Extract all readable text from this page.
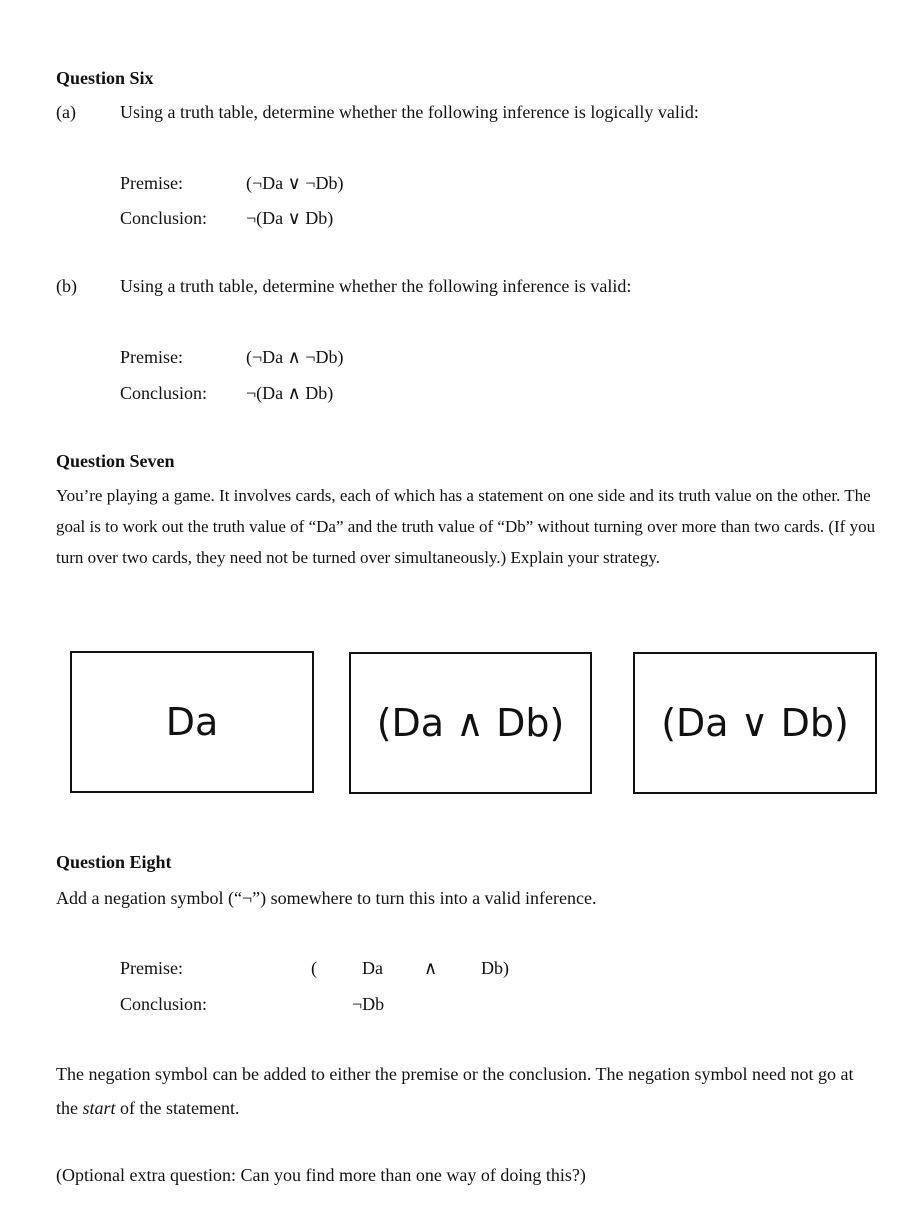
Question Six
(a) Using a truth table, determine whether the following inference is logically valid:
Premise:	(¬Da ∨ ¬Db)
Conclusion: ¬(Da ∨ Db)
(b) Using a truth table, determine whether the following inference is valid:
Premise:	(¬Da ∧ ¬Db)
Conclusion: ¬(Da ∧ Db)
Question Seven
You’re playing a game. It involves cards, each of which has a statement on one side and its truth value on the other. The goal is to work out the truth value of “Da” and the truth value of “Db” without turning over more than two cards. (If you turn over two cards, they need not be turned over simultaneously.) Explain your strategy.
Da	(Da ∧ Db)	(Da ∨ Db)
Question Eight
Add a negation symbol (“¬”) somewhere to turn this into a valid inference.
Premise:	(	Da ∧ Db)
Conclusion:	¬Db
The negation symbol can be added to either the premise or the conclusion. The negation symbol need not go at the start of the statement.
(Optional extra question: Can you find more than one way of doing this?)
